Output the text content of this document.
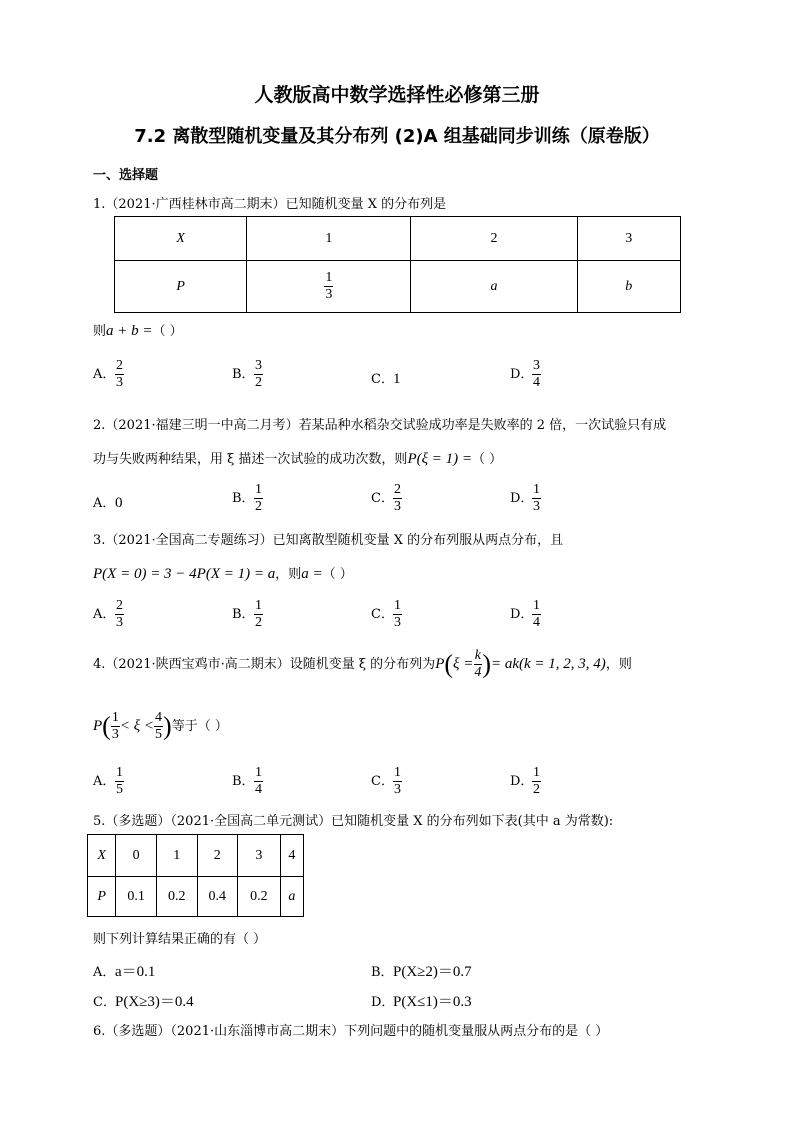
人教版高中数学选择性必修第三册
7.2 离散型随机变量及其分布列 (2)A 组基础同步训练（原卷版）
一、选择题
1.（2021·广西桂林市高二期末）已知随机变量 X 的分布列是
X	1	2	3
P	$\frac{1}{3}$	a	b
则a + b =（ ）
A． $\frac{2}{3}$	B． $\frac{3}{2}$	C．1	D．
$\frac{3}{4}$
2.（2021·福建三明一中高二月考）若某品种水稻杂交试验成功率是失败率的 2 倍，一次试验只有成
功与失败两种结果，用 ξ 描述一次试验的成功次数，则P(ξ = 1) =（ ）
A．0	B． $\frac{1}{2}$	C． $\frac{2}{3}$	D．
$\frac{1}{3}$
3.（2021·全国高二专题练习）已知离散型随机变量 X 的分布列服从两点分布，且
P(X = 0) = 3 − 4P(X = 1) = a，则a =（ ）
A． $\frac{2}{3}$	B． $\frac{1}{2}$	C． $\frac{1}{3}$	D．
$\frac{1}{4}$
4.（2021·陕西宝鸡市·高二期末）设随机变量 ξ 的分布列为$P(\xi = \frac{k}{4}$ )= ak(k = 1, 2, 3, 4)，则
$P( \frac{1}{3} < \xi < \frac{4}{5}$ )等于（ ）
A． $\frac{1}{5}$	B． $\frac{1}{4}$	C． $\frac{1}{3}$	D．
$\frac{1}{2}$
5.（多选题）（2021·全国高二单元测试）已知随机变量 X 的分布列如下表(其中 a 为常数):
X	0	1	2	3	4
P	0.1	0.2	0.4	0.2	a
则下列计算结果正确的有（ ）
A．a＝0.1	B．P(X≥2)＝0.7
C．P(X≥3)＝0.4	D．P(X≤1)＝0.3
6.（多选题）（2021·山东淄博市高二期末）下列问题中的随机变量服从两点分布的是（ ）
